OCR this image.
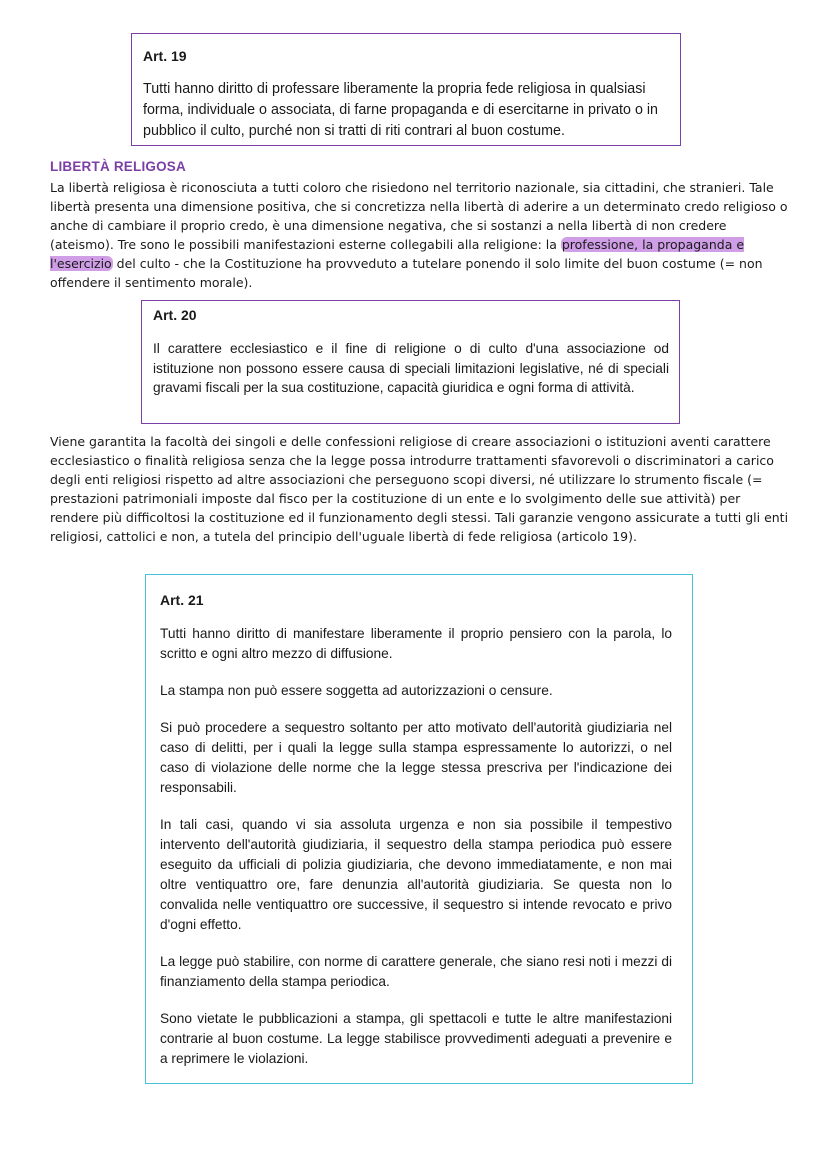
Art. 19

Tutti hanno diritto di professare liberamente la propria fede religiosa in qualsiasi forma, individuale o associata, di farne propaganda e di esercitarne in privato o in pubblico il culto, purché non si tratti di riti contrari al buon costume.

LIBERTÀ RELIGOSA

La libertà religiosa è riconosciuta a tutti coloro che risiedono nel territorio nazionale, sia cittadini, che stranieri. Tale libertà presenta una dimensione positiva, che si concretizza nella libertà di aderire a un determinato credo religioso o anche di cambiare il proprio credo, è una dimensione negativa, che si sostanzi a nella libertà di non credere (ateismo). Tre sono le possibili manifestazioni esterne collegabili alla religione: la professione, la propaganda e l'esercizio del culto - che la Costituzione ha provveduto a tutelare ponendo il solo limite del buon costume (= non offendere il sentimento morale).

Art. 20

Il carattere ecclesiastico e il fine di religione o di culto d'una associazione od istituzione non possono essere causa di speciali limitazioni legislative, né di speciali gravami fiscali per la sua costituzione, capacità giuridica e ogni forma di attività.

Viene garantita la facoltà dei singoli e delle confessioni religiose di creare associazioni o istituzioni aventi carattere ecclesiastico o finalità religiosa senza che la legge possa introdurre trattamenti sfavorevoli o discriminatori a carico degli enti religiosi rispetto ad altre associazioni che perseguono scopi diversi, né utilizzare lo strumento fiscale (= prestazioni patrimoniali imposte dal fisco per la costituzione di un ente e lo svolgimento delle sue attività) per rendere più difficoltosi la costituzione ed il funzionamento degli stessi. Tali garanzie vengono assicurate a tutti gli enti religiosi, cattolici e non, a tutela del principio dell'uguale libertà di fede religiosa (articolo 19).

Art. 21

Tutti hanno diritto di manifestare liberamente il proprio pensiero con la parola, lo scritto e ogni altro mezzo di diffusione.

La stampa non può essere soggetta ad autorizzazioni o censure.

Si può procedere a sequestro soltanto per atto motivato dell'autorità giudiziaria nel caso di delitti, per i quali la legge sulla stampa espressamente lo autorizzi, o nel caso di violazione delle norme che la legge stessa prescriva per l'indicazione dei responsabili.

In tali casi, quando vi sia assoluta urgenza e non sia possibile il tempestivo intervento dell'autorità giudiziaria, il sequestro della stampa periodica può essere eseguito da ufficiali di polizia giudiziaria, che devono immediatamente, e non mai oltre ventiquattro ore, fare denunzia all'autorità giudiziaria. Se questa non lo convalida nelle ventiquattro ore successive, il sequestro si intende revocato e privo d'ogni effetto.

La legge può stabilire, con norme di carattere generale, che siano resi noti i mezzi di finanziamento della stampa periodica.

Sono vietate le pubblicazioni a stampa, gli spettacoli e tutte le altre manifestazioni contrarie al buon costume. La legge stabilisce provvedimenti adeguati a prevenire e a reprimere le violazioni.
